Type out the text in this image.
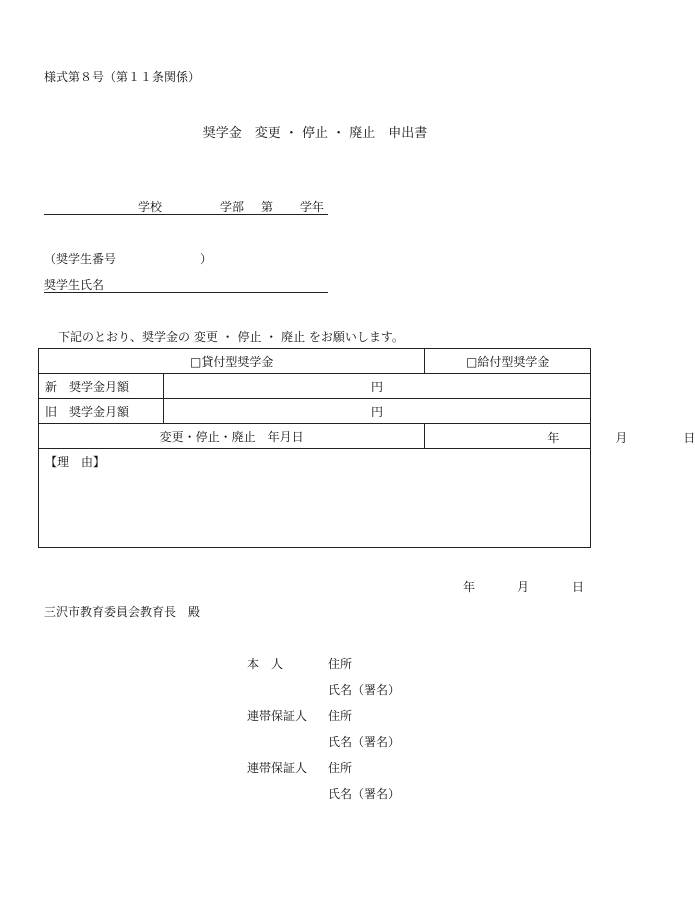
様式第８号（第１１条関係）
奨学金　変更 ・ 停止 ・ 廃止　申出書
学校	学部 第 学年
（奨学生番号　　　　　　　）
奨学生氏名
下記のとおり、奨学金の 変更 ・ 停止 ・ 廃止 をお願いします。
□貸付型奨学金		□給付型奨学金
新　奨学金月額	円	
旧　奨学金月額	円	
変更・停止・廃止　年月日		年 月 日

【理　由】		
年	月	日
三沢市教育委員会教育長　殿
本　人	住所
氏名（署名）
連帯保証人 住所
氏名（署名）
連帯保証人 住所
氏名（署名）
